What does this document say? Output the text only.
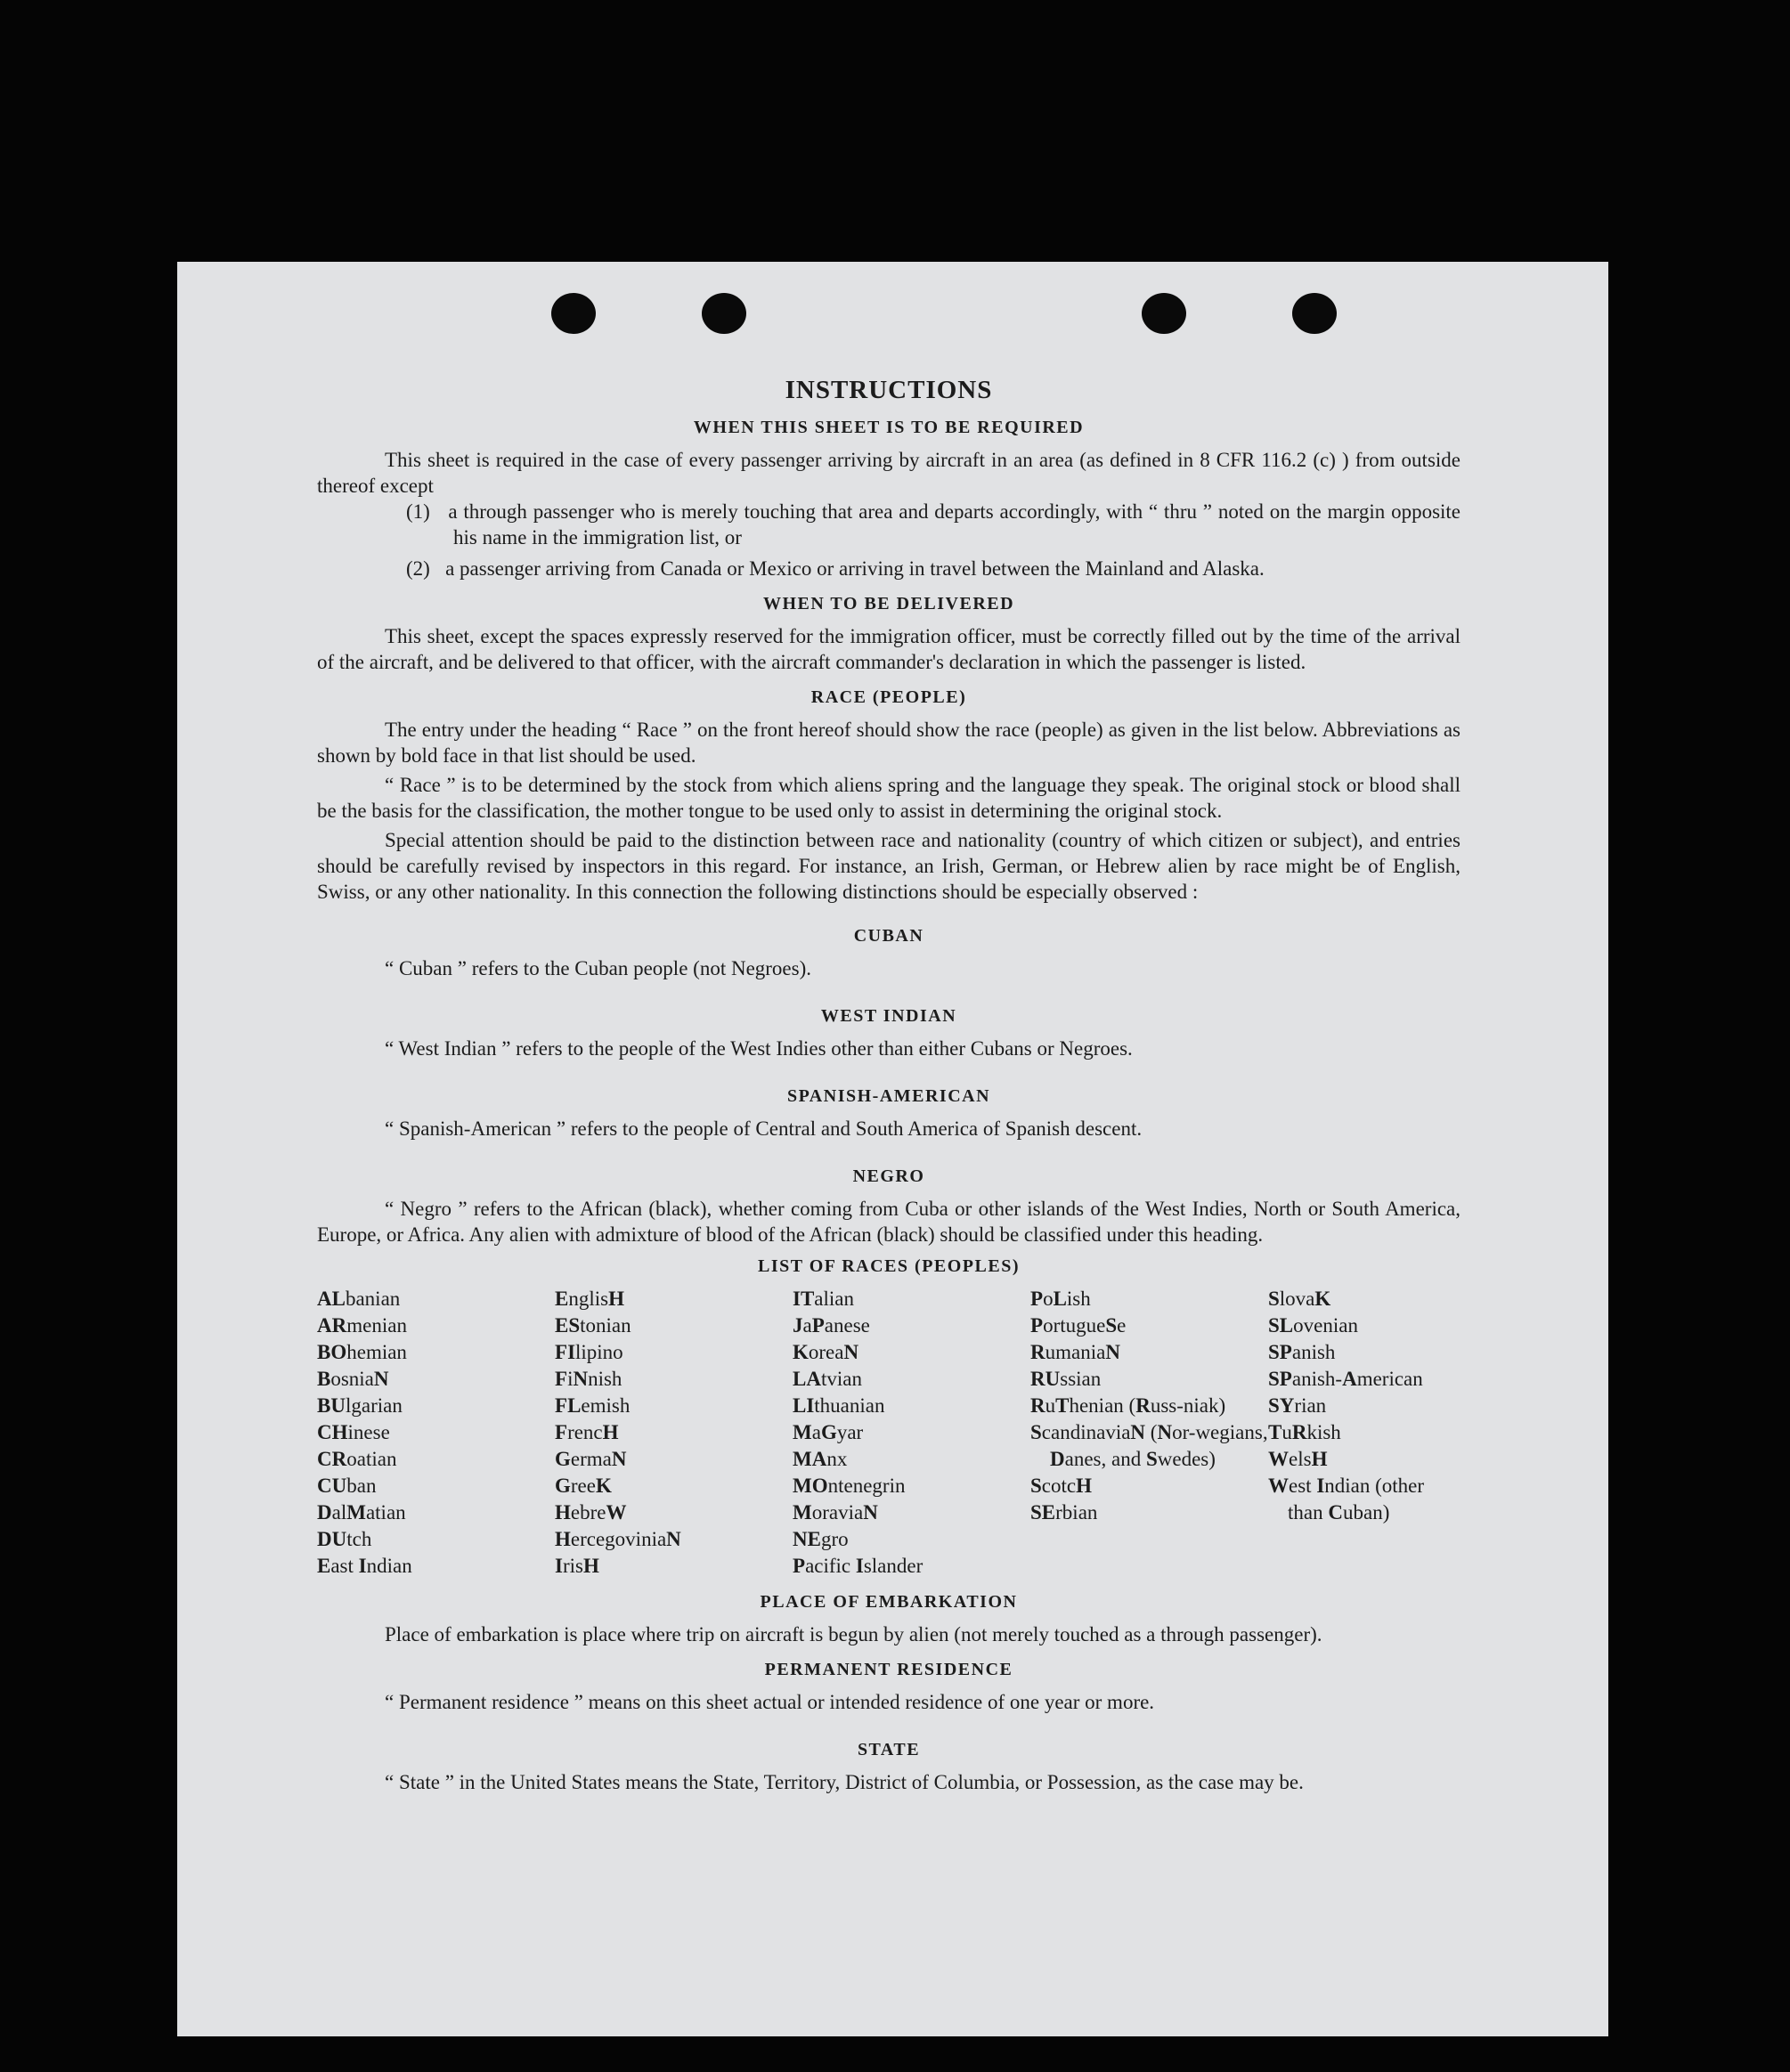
INSTRUCTIONS
WHEN THIS SHEET IS TO BE REQUIRED

This sheet is required in the case of every passenger arriving by aircraft in an area (as defined in 8 CFR 116.2 (c) ) from outside thereof except

(1) a through passenger who is merely touching that area and departs accordingly, with “ thru ” noted on the margin opposite his name in the immigration list, or

(2) a passenger arriving from Canada or Mexico or arriving in travel between the Mainland and Alaska.

WHEN TO BE DELIVERED

This sheet, except the spaces expressly reserved for the immigration officer, must be correctly filled out by the time of the arrival of the aircraft, and be delivered to that officer, with the aircraft commander's declaration in which the passenger is listed.

RACE (PEOPLE)

The entry under the heading “ Race ” on the front hereof should show the race (people) as given in the list below. Abbreviations as shown by bold face in that list should be used.

“ Race ” is to be determined by the stock from which aliens spring and the language they speak. The original stock or blood shall be the basis for the classification, the mother tongue to be used only to assist in determining the original stock.

Special attention should be paid to the distinction between race and nationality (country of which citizen or subject), and entries should be carefully revised by inspectors in this regard. For instance, an Irish, German, or Hebrew alien by race might be of English, Swiss, or any other nationality. In this connection the following distinctions should be especially observed :

CUBAN

“ Cuban ” refers to the Cuban people (not Negroes).

WEST INDIAN

“ West Indian ” refers to the people of the West Indies other than either Cubans or Negroes.

SPANISH-AMERICAN

“ Spanish-American ” refers to the people of Central and South America of Spanish descent.

NEGRO

“ Negro ” refers to the African (black), whether coming from Cuba or other islands of the West Indies, North or South America, Europe, or Africa. Any alien with admixture of blood of the African (black) should be classified under this heading.

LIST OF RACES (PEOPLES)
ALbanian
ARmenian
BOhemian
BosniaN
BUlgarian
CHinese
CRoatian
CUban
DalMatian
DUtch
East Indian
EnglisH
EStonian
FIlipino
FiNnish
FLemish
FrencH
GermaN
GreeK
HebreW
HercegoviniaN
IrisH
ITalian
JaPanese
KoreaN
LAtvian
LIthuanian
MaGyar
MAnx
MOntenegrin
MoraviaN
NEgro
Pacific Islander
PoLish
PortugueSe
RumaniaN
RUssian
RuThenian (Russ-niak)
ScandinaviaN (Nor-wegians, Danes, and Swedes)
ScotcH
SErbian
SlovaK
SLovenian
SPanish
SPanish-American
SYrian
TuRkish
WelsH
West Indian (other than Cuban)
PLACE OF EMBARKATION

Place of embarkation is place where trip on aircraft is begun by alien (not merely touched as a through passenger).

PERMANENT RESIDENCE

“ Permanent residence ” means on this sheet actual or intended residence of one year or more.

STATE

“ State ” in the United States means the State, Territory, District of Columbia, or Possession, as the case may be.
